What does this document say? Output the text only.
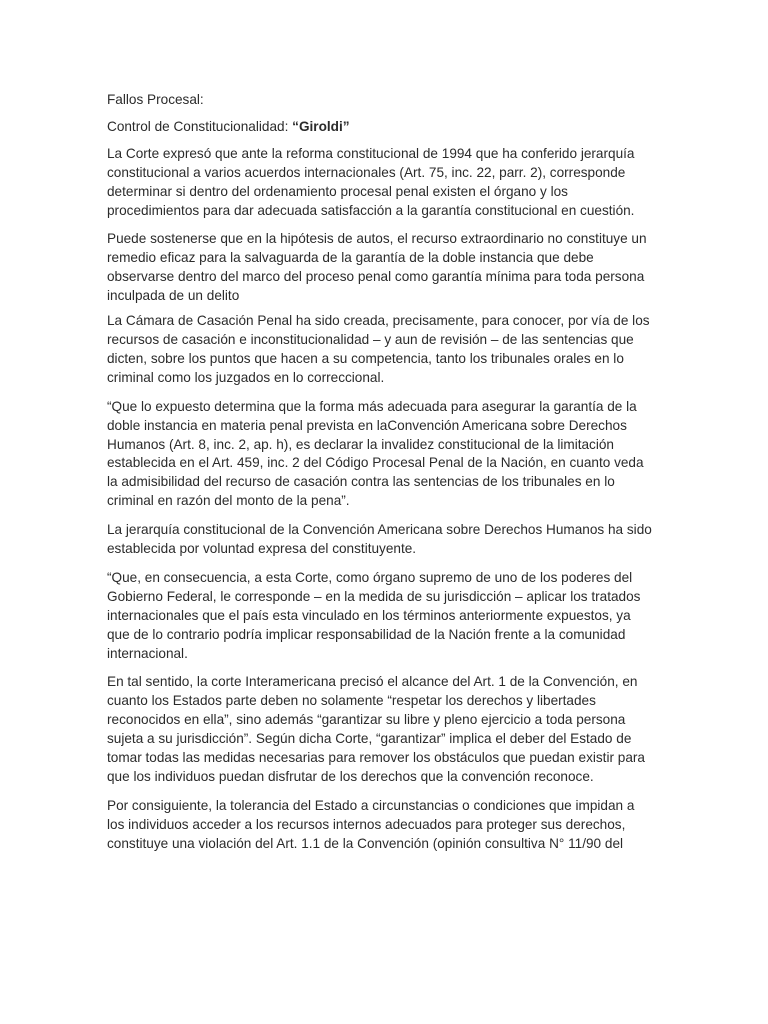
Fallos Procesal:

Control de Constitucionalidad: “Giroldi”

La Corte expresó que ante la reforma constitucional de 1994 que ha conferido jerarquía
constitucional a varios acuerdos internacionales (Art. 75, inc. 22, parr. 2), corresponde
determinar si dentro del ordenamiento procesal penal existen el órgano y los
procedimientos para dar adecuada satisfacción a la garantía constitucional en cuestión.

Puede sostenerse que en la hipótesis de autos, el recurso extraordinario no constituye un
remedio eficaz para la salvaguarda de la garantía de la doble instancia que debe
observarse dentro del marco del proceso penal como garantía mínima para toda persona
inculpada de un delito

La Cámara de Casación Penal ha sido creada, precisamente, para conocer, por vía de los
recursos de casación e inconstitucionalidad – y aun de revisión – de las sentencias que
dicten, sobre los puntos que hacen a su competencia, tanto los tribunales orales en lo
criminal como los juzgados en lo correccional.

“Que lo expuesto determina que la forma más adecuada para asegurar la garantía de la
doble instancia en materia penal prevista en laConvención Americana sobre Derechos
Humanos (Art. 8, inc. 2, ap. h), es declarar la invalidez constitucional de la limitación
establecida en el Art. 459, inc. 2 del Código Procesal Penal de la Nación, en cuanto veda
la admisibilidad del recurso de casación contra las sentencias de los tribunales en lo
criminal en razón del monto de la pena”.

La jerarquía constitucional de la Convención Americana sobre Derechos Humanos ha sido
establecida por voluntad expresa del constituyente.

“Que, en consecuencia, a esta Corte, como órgano supremo de uno de los poderes del
Gobierno Federal, le corresponde – en la medida de su jurisdicción – aplicar los tratados
internacionales que el país esta vinculado en los términos anteriormente expuestos, ya
que de lo contrario podría implicar responsabilidad de la Nación frente a la comunidad
internacional.

En tal sentido, la corte Interamericana precisó el alcance del Art. 1 de la Convención, en
cuanto los Estados parte deben no solamente “respetar los derechos y libertades
reconocidos en ella”, sino además “garantizar su libre y pleno ejercicio a toda persona
sujeta a su jurisdicción”. Según dicha Corte, “garantizar” implica el deber del Estado de
tomar todas las medidas necesarias para remover los obstáculos que puedan existir para
que los individuos puedan disfrutar de los derechos que la convención reconoce.

Por consiguiente, la tolerancia del Estado a circunstancias o condiciones que impidan a
los individuos acceder a los recursos internos adecuados para proteger sus derechos,
constituye una violación del Art. 1.1 de la Convención (opinión consultiva N° 11/90 del
